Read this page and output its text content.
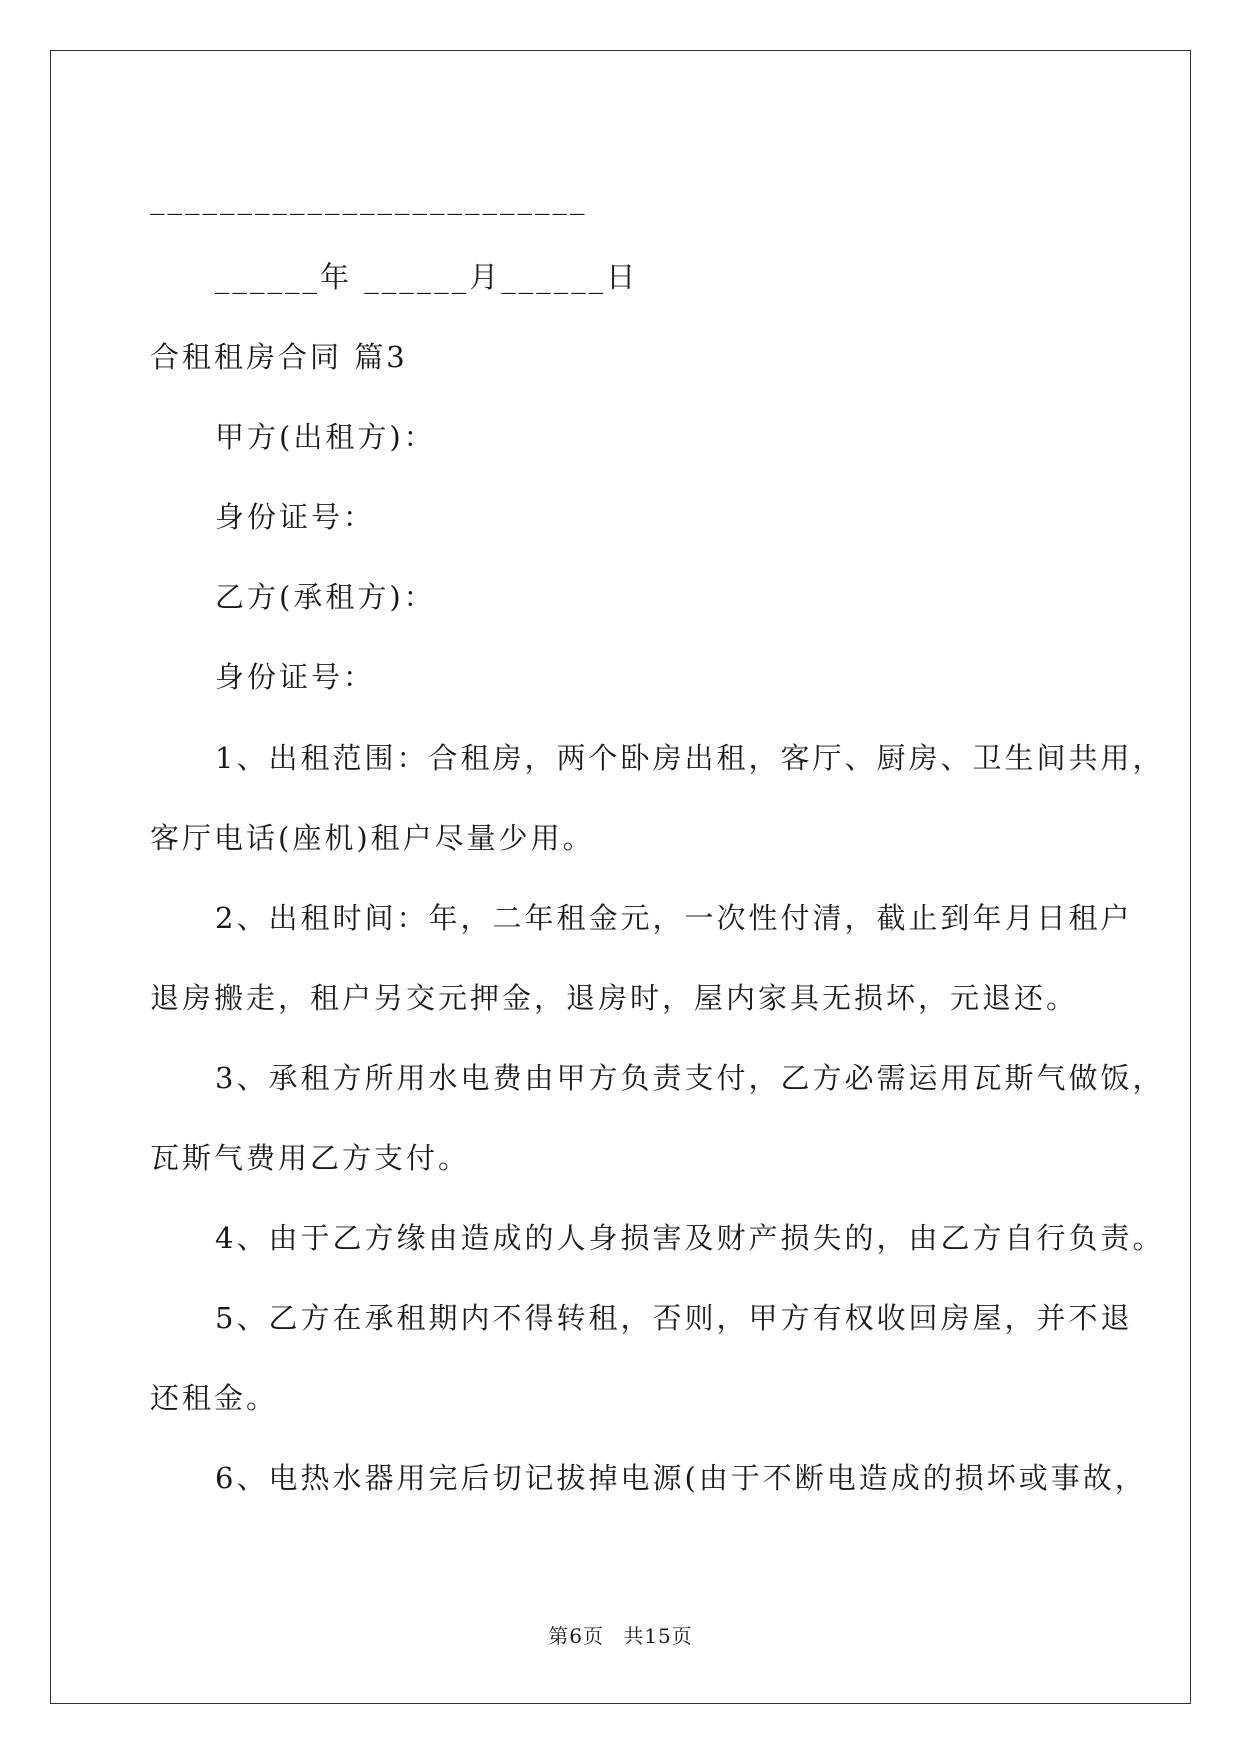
_________________________
______年 ______月______日
合租租房合同 篇3
甲方(出租方)：
身份证号：
乙方(承租方)：
身份证号：
1、出租范围：合租房，两个卧房出租，客厅、厨房、卫生间共用，
客厅电话(座机)租户尽量少用。
2、出租时间：年，二年租金元，一次性付清，截止到年月日租户
退房搬走，租户另交元押金，退房时，屋内家具无损坏，元退还。
3、承租方所用水电费由甲方负责支付，乙方必需运用瓦斯气做饭，
瓦斯气费用乙方支付。
4、由于乙方缘由造成的人身损害及财产损失的，由乙方自行负责。
5、乙方在承租期内不得转租，否则，甲方有权收回房屋，并不退
还租金。
6、电热水器用完后切记拔掉电源(由于不断电造成的损坏或事故，
第6页 共15页
